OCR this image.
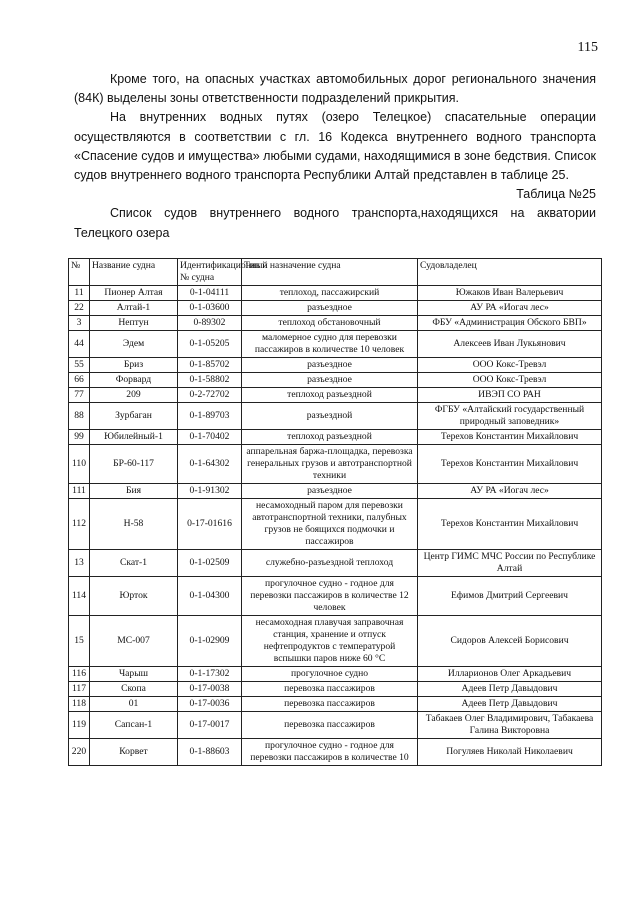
115

Кроме того, на опасных участках автомобильных дорог регионального значения (84К) выделены зоны ответственности подразделений прикрытия.

На внутренних водных путях (озеро Телецкое) спасательные операции осуществляются в соответствии с гл. 16 Кодекса внутреннего водного транспорта «Спасение судов и имущества» любыми судами, находящимися в зоне бедствия. Список судов внутреннего водного транспорта Республики Алтай представлен в таблице 25.

Таблица №25

Список судов внутреннего водного транспорта,находящихся на акватории Телецкого озера

№	Название судна	Идентификационный № судна	Тип и назначение судна	Судовладелец
11	Пионер Алтая	0-1-04111	теплоход, пассажирский	Южаков Иван Валерьевич
22	Алтай-1	0-1-03600	разъездное	АУ РА «Иогач лес»
3	Нептун	0-89302	теплоход обстановочный	ФБУ «Администрация Обского БВП»
44	Эдем	0-1-05205	маломерное судно для перевозки пассажиров в количестве 10 человек	Алексеев Иван Лукьянович
55	Бриз	0-1-85702	разъездное	ООО Кокс-Тревэл
66	Форвард	0-1-58802	разъездное	ООО Кокс-Тревэл
77	209	0-2-72702	теплоход разъездной	ИВЭП СО РАН
88	Зурбаган	0-1-89703	разъездной	ФГБУ «Алтайский государственный природный заповедник»
99	Юбилейный-1	0-1-70402	теплоход разъездной	Терехов Константин Михайлович
110	БР-60-117	0-1-64302	аппарельная баржа-площадка, перевозка генеральных грузов и автотранспортной техники	Терехов Константин Михайлович
111	Бия	0-1-91302	разъездное	АУ РА «Иогач лес»
112	Н-58	0-17-01616	несамоходный паром для перевозки автотранспортной техники, палубных грузов не боящихся подмочки и пассажиров	Терехов Константин Михайлович
13	Скат-1	0-1-02509	служебно-разъездной теплоход	Центр ГИМС МЧС России по Республике Алтай
114	Юрток	0-1-04300	прогулочное судно - годное для перевозки пассажиров в количестве 12 человек	Ефимов Дмитрий Сергеевич
15	МС-007	0-1-02909	несамоходная плавучая заправочная станция, хранение и отпуск нефтепродуктов с температурой вспышки паров ниже 60 °С	Сидоров Алексей Борисович
116	Чарыш	0-1-17302	прогулочное судно	Илларионов Олег Аркадьевич
117	Скопа	0-17-0038	перевозка пассажиров	Адеев Петр Давыдович
118	01	0-17-0036	перевозка пассажиров	Адеев Петр Давыдович
119	Сапсан-1	0-17-0017	перевозка пассажиров	Табакаев Олег Владимирович, Табакаева Галина Викторовна
220	Корвет	0-1-88603	прогулочное судно - годное для перевозки пассажиров в количестве 10	Погуляев Николай Николаевич
